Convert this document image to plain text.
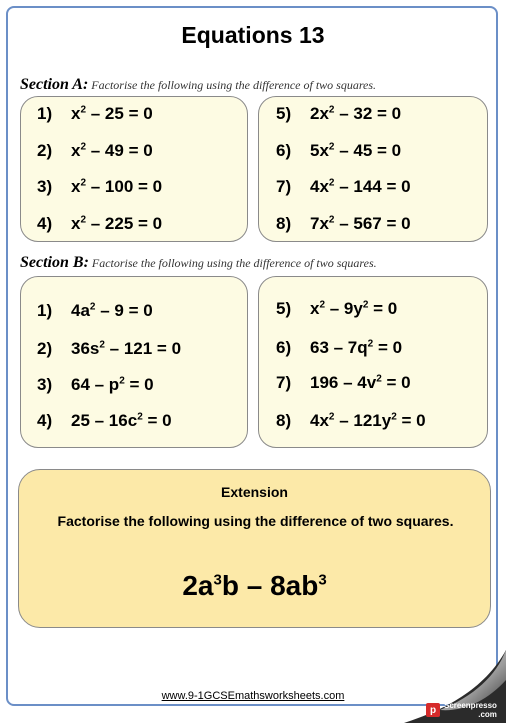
Equations 13
Section A: Factorise the following using the difference of two squares.
1) $x^2 - 25 = 0$
2) $x^2 - 49 = 0$
3) $x^2 - 100 = 0$
4) $x^2 - 225 = 0$
5) $2x^2 - 32 = 0$
6) $5x^2 - 45 = 0$
7) $4x^2 - 144 = 0$
8) $7x^2 - 567 = 0$
Section B: Factorise the following using the difference of two squares.
1) $4a^2 - 9 = 0$
2) $36s^2 - 121 = 0$
3) $64 - p^2 = 0$
4) $25 - 16c^2 = 0$
5) $x^2 - 9y^2 = 0$
6) $63 - 7q^2 = 0$
7) $196 - 4v^2 = 0$
8) $4x^2 - 121y^2 = 0$
Extension
Factorise the following using the difference of two squares.
$2a^3b - 8ab^3$
www.9-1GCSEmathsworksheets.com
p Screenpresso
.com
